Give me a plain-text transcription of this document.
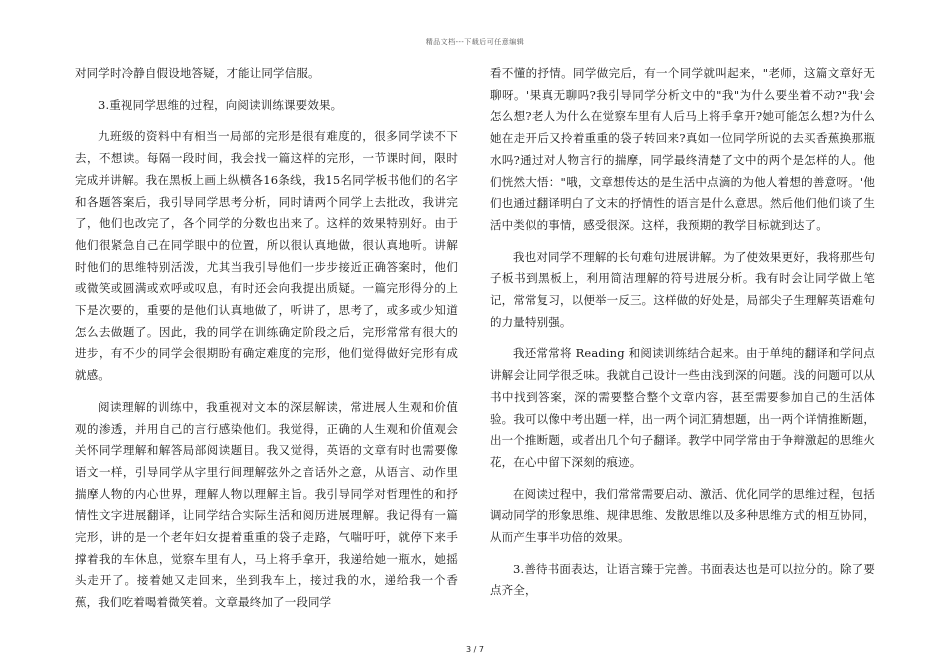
精品文档---下载后可任意编辑

对同学时冷静自假设地答疑，才能让同学信服。

3.重视同学思维的过程，向阅读训练课要效果。

九班级的资料中有相当一局部的完形是很有难度的，很多同学读不下去，不想读。每隔一段时间，我会找一篇这样的完形，一节课时间，限时完成并讲解。我在黑板上画上纵横各16条线，我15名同学板书他们的名字和各题答案后，我引导同学思考分析，同时请两个同学上去批改，我讲完了，他们也改完了，各个同学的分数也出来了。这样的效果特别好。由于他们很紧急自己在同学眼中的位置，所以很认真地做，很认真地听。讲解时他们的思维特别活泼，尤其当我引导他们一步步接近正确答案时，他们或微笑或圆满或欢呼或叹息，有时还会向我提出质疑。一篇完形得分的上下是次要的，重要的是他们认真地做了，听讲了，思考了，或多或少知道怎么去做题了。因此，我的同学在训练确定阶段之后，完形常常有很大的进步，有不少的同学会很期盼有确定难度的完形，他们觉得做好完形有成就感。

阅读理解的训练中，我重视对文本的深层解读，常进展人生观和价值观的渗透，并用自己的言行感染他们。我觉得，正确的人生观和价值观会关怀同学理解和解答局部阅读题目。我又觉得，英语的文章有时也需要像语文一样，引导同学从字里行间理解弦外之音话外之意，从语言、动作里揣摩人物的内心世界，理解人物以理解主旨。我引导同学对哲理性的和抒情性文字进展翻译，让同学结合实际生活和阅历进展理解。我记得有一篇完形，讲的是一个老年妇女提着重重的袋子走路，气喘吁吁，就停下来手撑着我的车休息，觉察车里有人，马上将手拿开，我递给她一瓶水，她摇头走开了。接着她又走回来，坐到我车上，接过我的水，递给我一个香蕉，我们吃着喝着微笑着。文章最终加了一段同学

看不懂的抒情。同学做完后，有一个同学就叫起来，"老师，这篇文章好无聊呀。'果真无聊吗?我引导同学分析文中的"我"为什么要坐着不动?"我'会怎么想?老人为什么在觉察车里有人后马上将手拿开?她可能怎么想?为什么她在走开后又拎着重重的袋子转回来?真如一位同学所说的去买香蕉换那瓶水吗?通过对人物言行的揣摩，同学最终清楚了文中的两个是怎样的人。他们恍然大悟："哦，文章想传达的是生活中点滴的为他人着想的善意呀。'他们也通过翻译明白了文末的抒情性的语言是什么意思。然后他们他们谈了生活中类似的事情，感受很深。这样，我预期的教学目标就到达了。

我也对同学不理解的长句难句进展讲解。为了使效果更好，我将那些句子板书到黑板上，利用简洁理解的符号进展分析。我有时会让同学做上笔记，常常复习，以便举一反三。这样做的好处是，局部尖子生理解英语难句的力量特别强。

我还常常将 Reading 和阅读训练结合起来。由于单纯的翻译和学问点讲解会让同学很乏味。我就自己设计一些由浅到深的问题。浅的问题可以从书中找到答案，深的需要整合整个文章内容，甚至需要参加自己的生活体验。我可以像中考出题一样，出一两个词汇猜想题，出一两个详情推断题，出一个推断题，或者出几个句子翻译。教学中同学常由于争辩激起的思维火花，在心中留下深刻的痕迹。

在阅读过程中，我们常常需要启动、激活、优化同学的思维过程，包括调动同学的形象思维、规律思维、发散思维以及多种思维方式的相互协同，从而产生事半功倍的效果。

3.善待书面表达，让语言臻于完善。书面表达也是可以拉分的。除了要点齐全，

3 / 7
